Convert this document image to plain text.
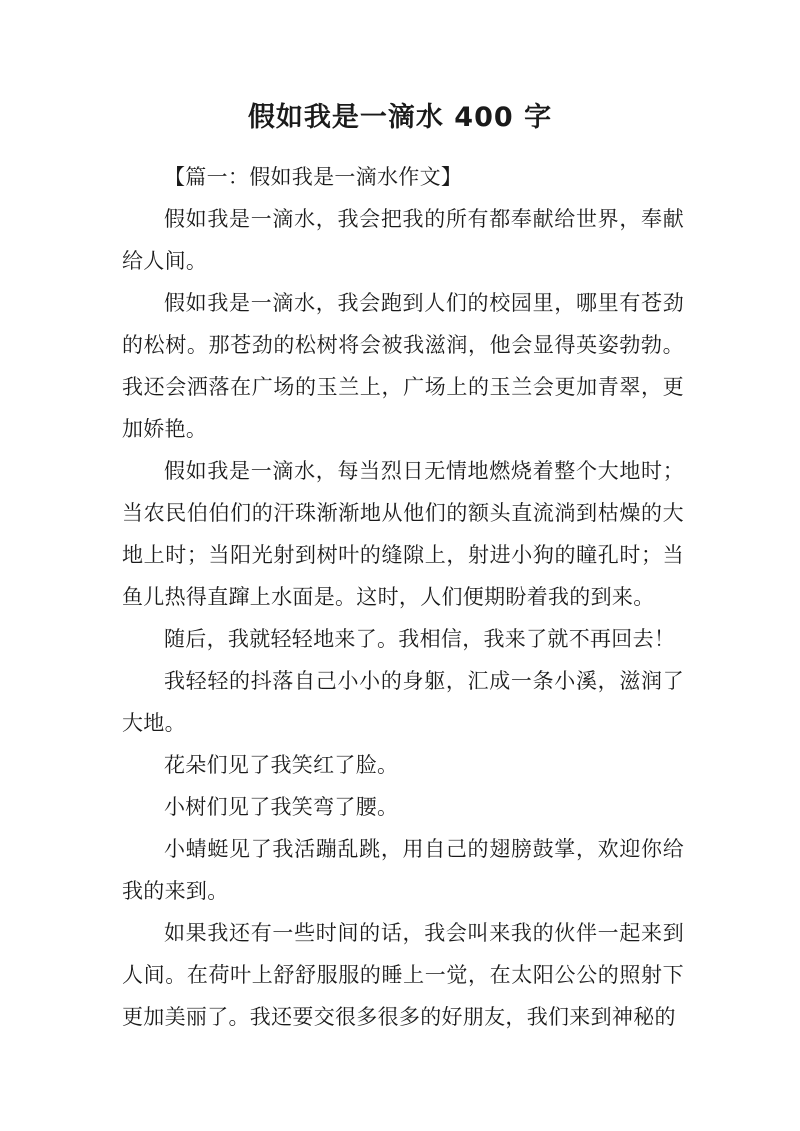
假如我是一滴水 400 字

【篇一：假如我是一滴水作文】

假如我是一滴水，我会把我的所有都奉献给世界，奉献给人间。

假如我是一滴水，我会跑到人们的校园里，哪里有苍劲的松树。那苍劲的松树将会被我滋润，他会显得英姿勃勃。我还会洒落在广场的玉兰上，广场上的玉兰会更加青翠，更加娇艳。

假如我是一滴水，每当烈日无情地燃烧着整个大地时；当农民伯伯们的汗珠渐渐地从他们的额头直流淌到枯燥的大地上时；当阳光射到树叶的缝隙上，射进小狗的瞳孔时；当鱼儿热得直蹿上水面是。这时，人们便期盼着我的到来。

随后，我就轻轻地来了。我相信，我来了就不再回去！

我轻轻的抖落自己小小的身躯，汇成一条小溪，滋润了大地。

花朵们见了我笑红了脸。

小树们见了我笑弯了腰。

小蜻蜓见了我活蹦乱跳，用自己的翅膀鼓掌，欢迎你给我的来到。

如果我还有一些时间的话，我会叫来我的伙伴一起来到人间。在荷叶上舒舒服服的睡上一觉，在太阳公公的照射下更加美丽了。我还要交很多很多的好朋友，我们来到神秘的
